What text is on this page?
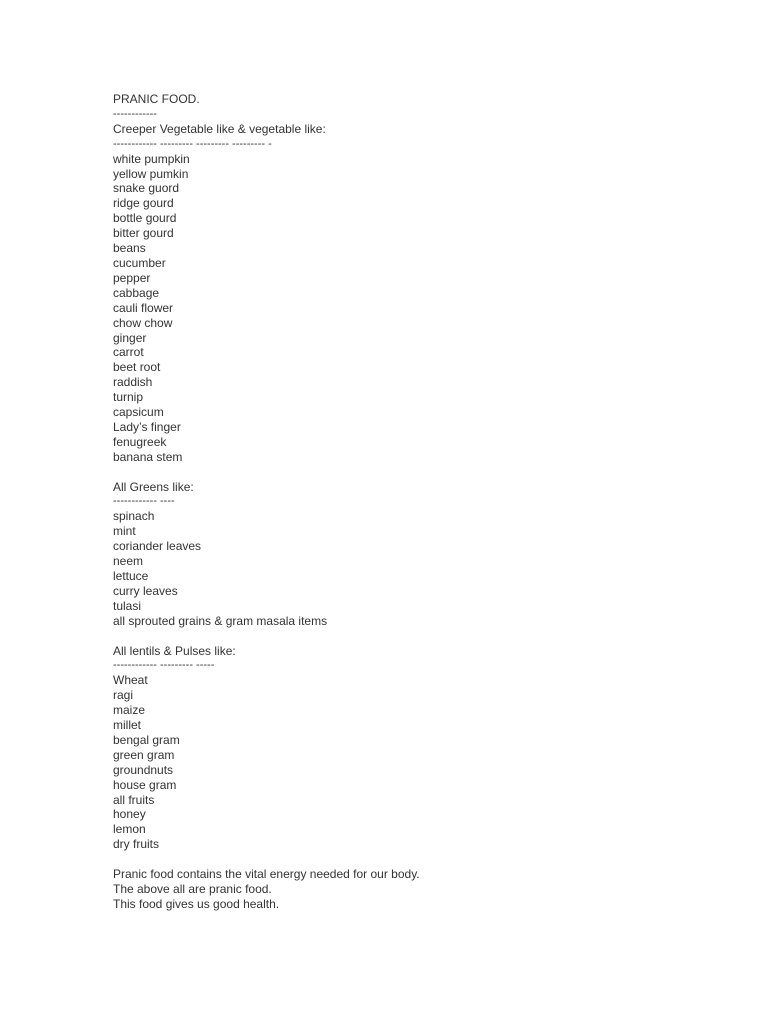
PRANIC FOOD.
------------
Creeper Vegetable like & vegetable like:
------------ --------- --------- --------- -
white pumpkin
yellow pumkin
snake guord
ridge gourd
bottle gourd
bitter gourd
beans
cucumber
pepper
cabbage
cauli flower
chow chow
ginger
carrot
beet root
raddish
turnip
capsicum
Lady’s finger
fenugreek
banana stem
All Greens like:
------------ ----
spinach
mint
coriander leaves
neem
lettuce
curry leaves
tulasi
all sprouted grains & gram masala items
All lentils & Pulses like:
------------ --------- -----
Wheat
ragi
maize
millet
bengal gram
green gram
groundnuts
house gram
all fruits
honey
lemon
dry fruits
Pranic food contains the vital energy needed for our body.
The above all are pranic food.
This food gives us good health.
